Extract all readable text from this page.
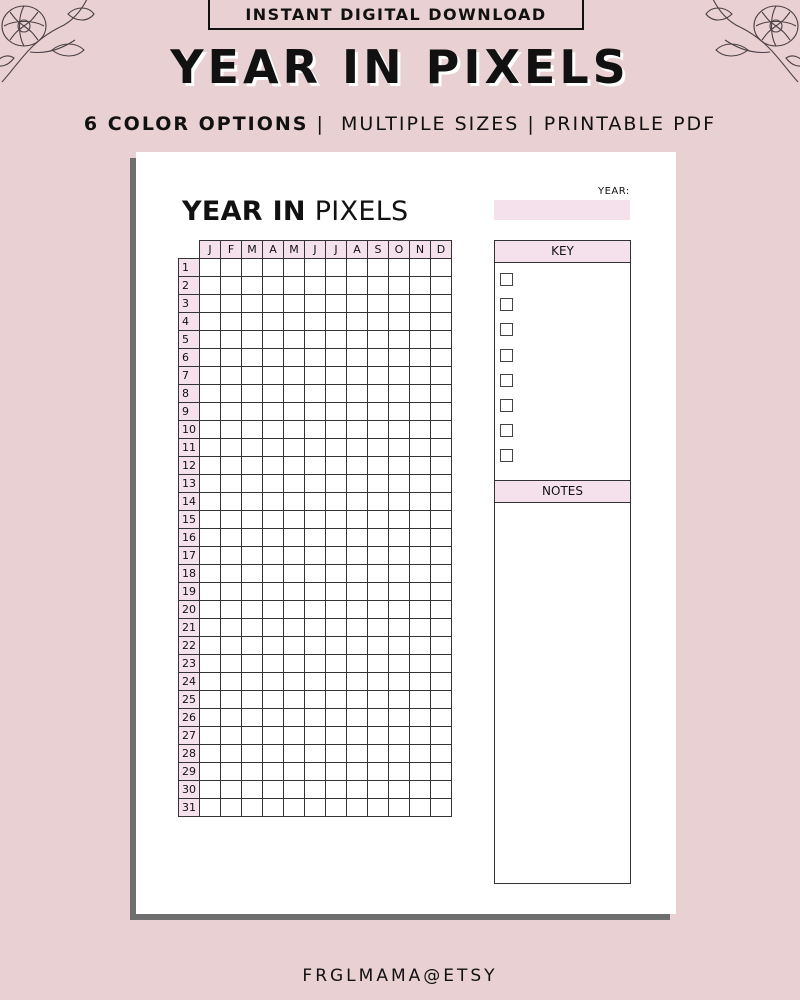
INSTANT DIGITAL DOWNLOAD
YEAR IN PIXELS
6 COLOR OPTIONS |  MULTIPLE SIZES | PRINTABLE PDF
YEAR IN PIXELS
YEAR:
	J	F	M	A	M	J	J	A	S	O	N	D
1												
2												
3												
4												
5												
6												
7												
8												
9												
10												
11												
12												
13												
14												
15												
16												
17												
18												
19												
20												
21												
22												
23												
24												
25												
26												
27												
28												
29												
30												
31												
KEY
NOTES
FRGLMAMA@ETSY
